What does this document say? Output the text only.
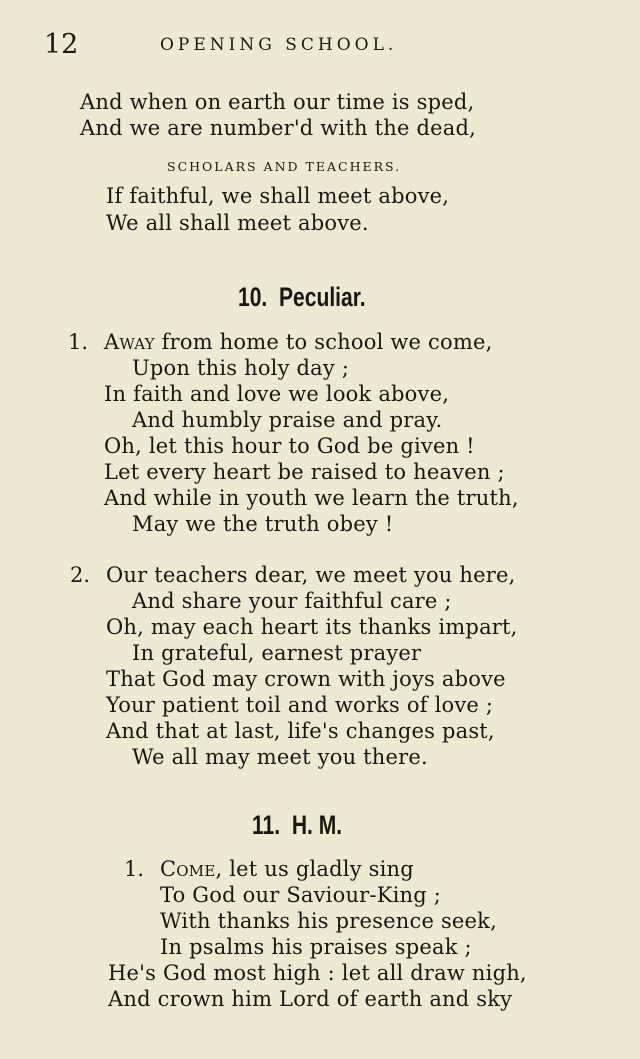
12	OPENING SCHOOL.
And when on earth our time is sped,
And we are number'd with the dead,
SCHOLARS AND TEACHERS.
If faithful, we shall meet above,
We all shall meet above.
10. Peculiar.
1. Away from home to school we come,
Upon this holy day ;
In faith and love we look above,
And humbly praise and pray.
Oh, let this hour to God be given !
Let every heart be raised to heaven ;
And while in youth we learn the truth,
May we the truth obey !
2. Our teachers dear, we meet you here,
And share your faithful care ;
Oh, may each heart its thanks impart,
In grateful, earnest prayer
That God may crown with joys above
Your patient toil and works of love ;
And that at last, life's changes past,
We all may meet you there.
11. H. M.
1. Come, let us gladly sing
To God our Saviour-King ;
With thanks his presence seek,
In psalms his praises speak ;
He's God most high : let all draw nigh,
And crown him Lord of earth and sky
